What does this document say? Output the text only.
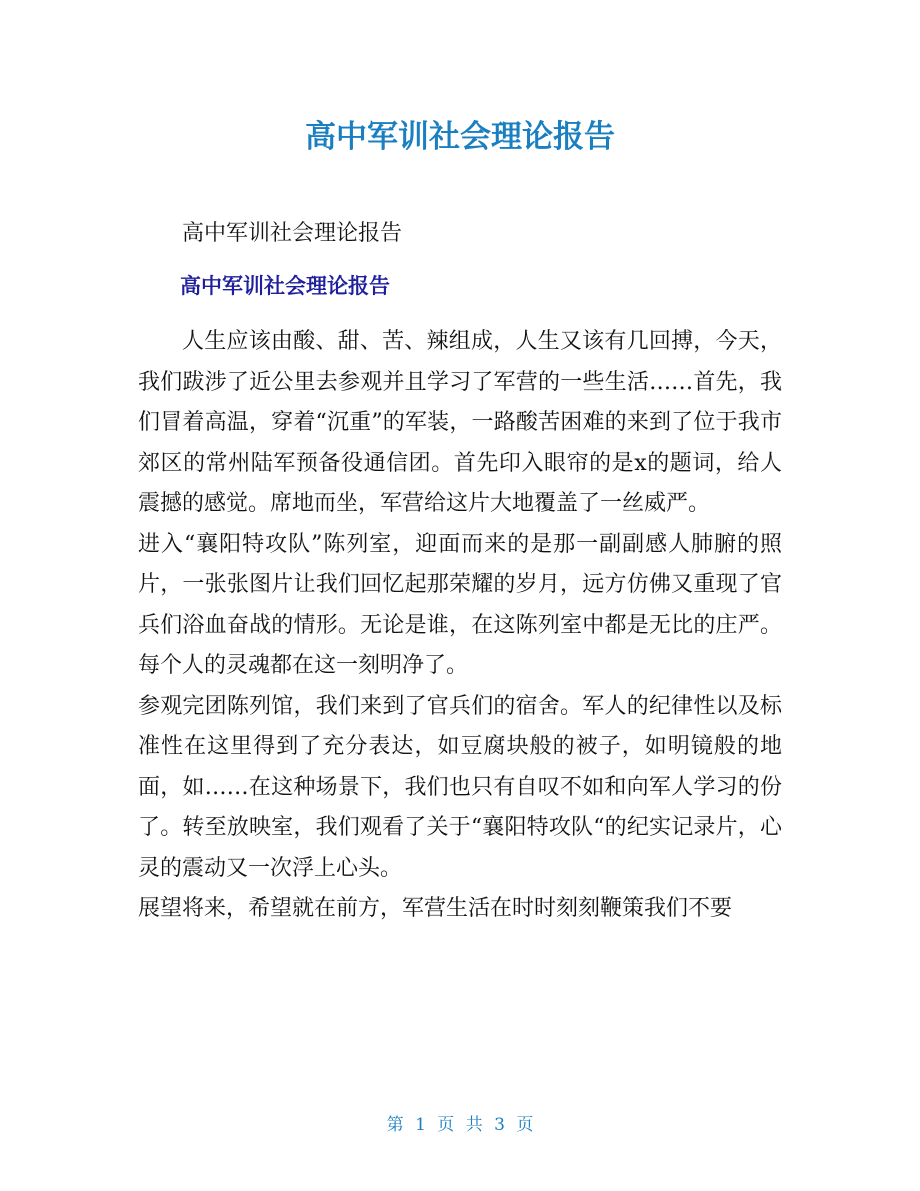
高中军训社会理论报告

高中军训社会理论报告

高中军训社会理论报告

人生应该由酸、甜、苦、辣组成，人生又该有几回搏，今天，我们跋涉了近公里去参观并且学习了军营的一些生活……首先，我们冒着高温，穿着“沉重”的军装，一路酸苦困难的来到了位于我市郊区的常州陆军预备役通信团。首先印入眼帘的是x的题词，给人震撼的感觉。席地而坐，军营给这片大地覆盖了一丝威严。

进入“襄阳特攻队”陈列室，迎面而来的是那一副副感人肺腑的照片，一张张图片让我们回忆起那荣耀的岁月，远方仿佛又重现了官兵们浴血奋战的情形。无论是谁，在这陈列室中都是无比的庄严。每个人的灵魂都在这一刻明净了。

参观完团陈列馆，我们来到了官兵们的宿舍。军人的纪律性以及标准性在这里得到了充分表达，如豆腐块般的被子，如明镜般的地面，如……在这种场景下，我们也只有自叹不如和向军人学习的份了。转至放映室，我们观看了关于“襄阳特攻队“的纪实记录片，心灵的震动又一次浮上心头。

展望将来，希望就在前方，军营生活在时时刻刻鞭策我们不要

第 1 页 共 3 页
